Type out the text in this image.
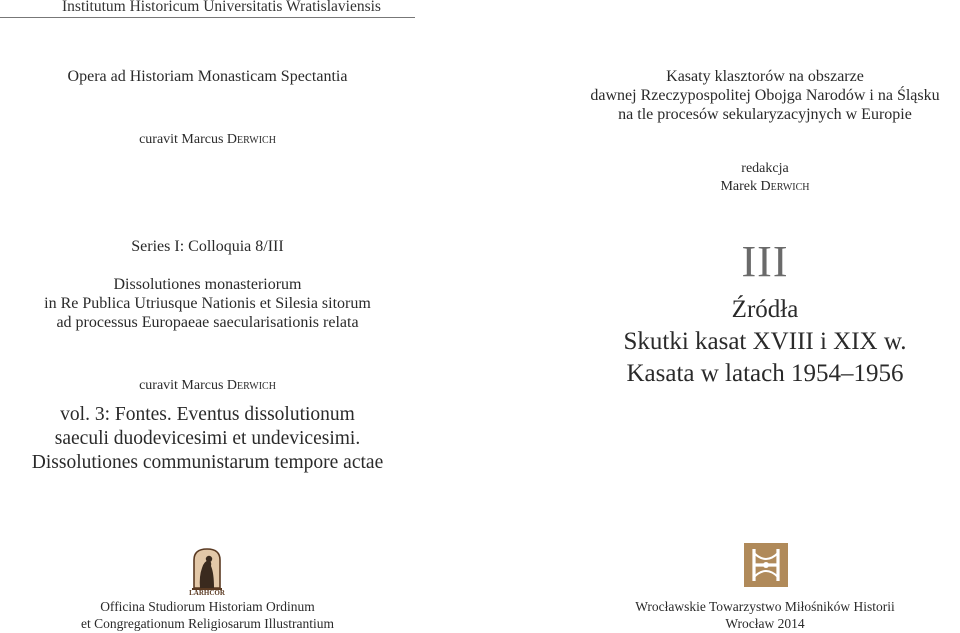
Institutum Historicum Universitatis Wratislaviensis
Opera ad Historiam Monasticam Spectantia
curavit Marcus Derwich
Series I: Colloquia 8/III
Dissolutiones monasteriorum
in Re Publica Utriusque Nationis et Silesia sitorum
ad processus Europaeae saecularisationis relata
curavit Marcus Derwich
vol. 3: Fontes. Eventus dissolutionum
saeculi duodevicesimi et undevicesimi.
Dissolutiones communistarum tempore actae
LARHCOR
Officina Studiorum Historiam Ordinum
et Congregationum Religiosarum Illustrantium
Kasaty klasztorów na obszarze
dawnej Rzeczypospolitej Obojga Narodów i na Śląsku
na tle procesów sekularyzacyjnych w Europie
redakcja
Marek Derwich
III
Źródła
Skutki kasat XVIII i XIX w.
Kasata w latach 1954–1956
Wrocławskie Towarzystwo Miłośników Historii
Wrocław 2014
